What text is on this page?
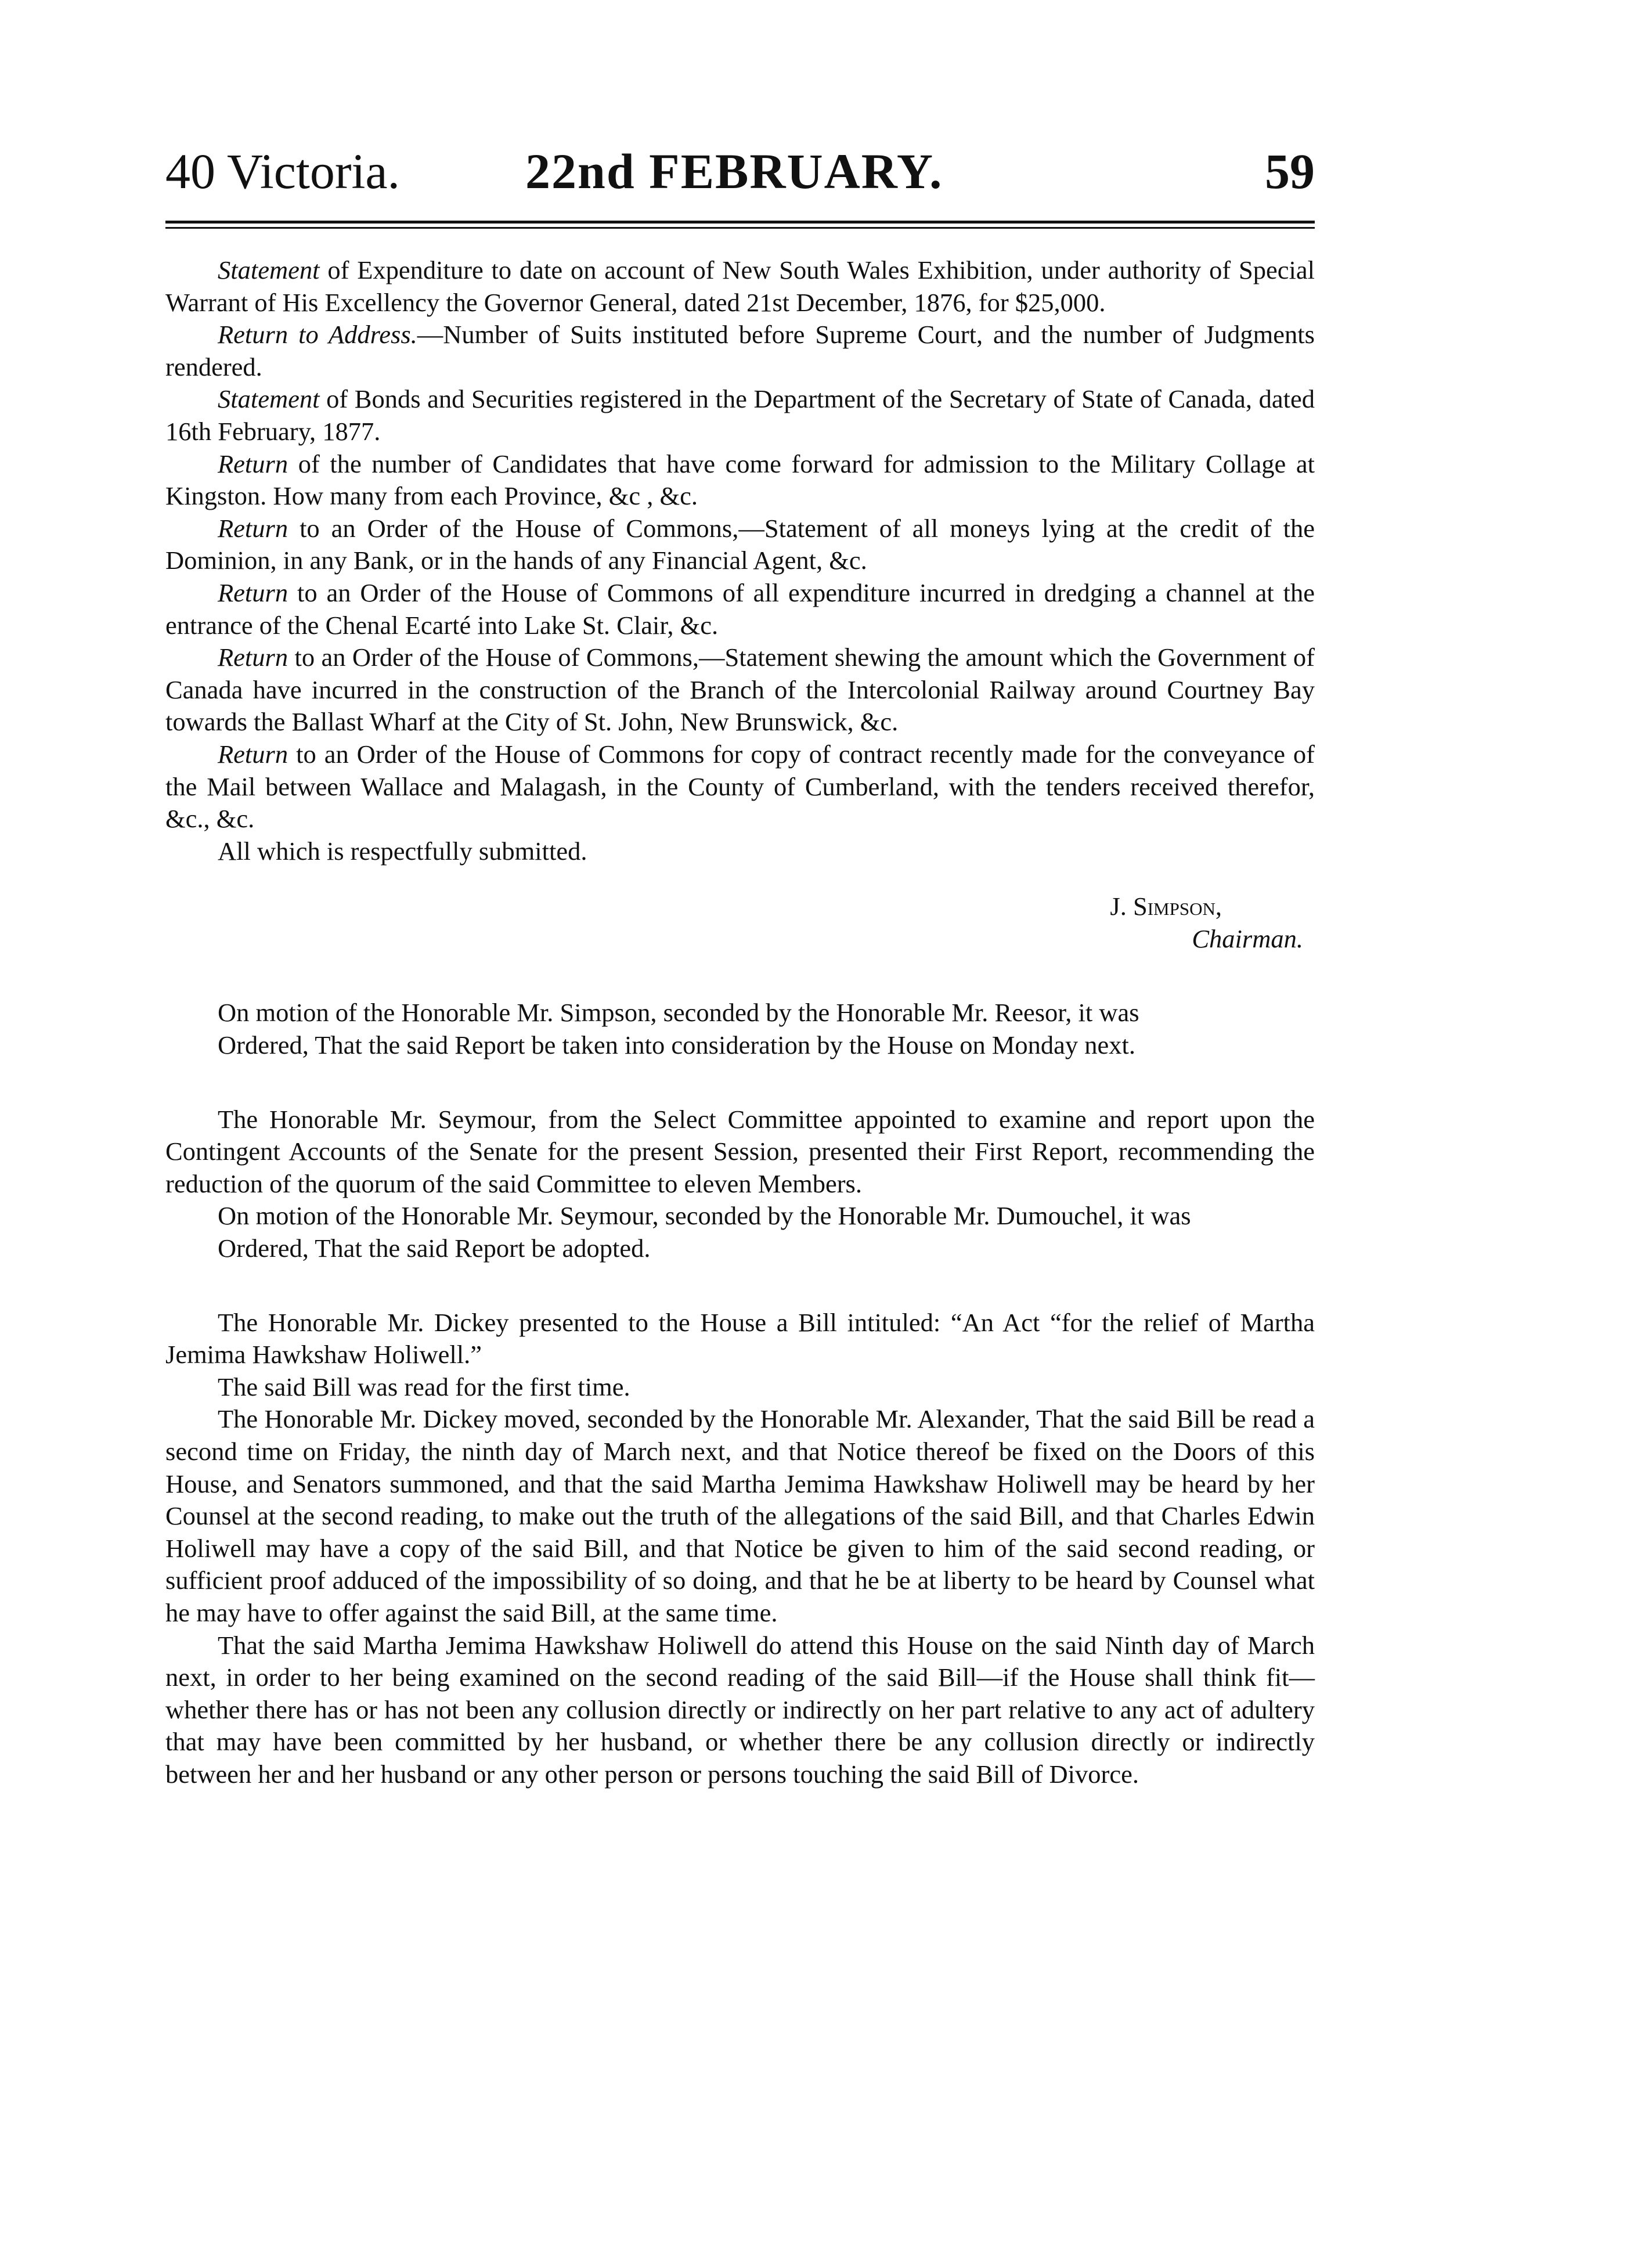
40 Victoria.	22nd FEBRUARY.	59

Statement of Expenditure to date on account of New South Wales Exhibition, under authority of Special Warrant of His Excellency the Governor General, dated 21st December, 1876, for $25,000.

Return to Address.—Number of Suits instituted before Supreme Court, and the number of Judgments rendered.

Statement of Bonds and Securities registered in the Department of the Secretary of State of Canada, dated 16th February, 1877.

Return of the number of Candidates that have come forward for admission to the Military Collage at Kingston. How many from each Province, &c , &c.

Return to an Order of the House of Commons,—Statement of all moneys lying at the credit of the Dominion, in any Bank, or in the hands of any Financial Agent, &c.

Return to an Order of the House of Commons of all expenditure incurred in dredging a channel at the entrance of the Chenal Ecarté into Lake St. Clair, &c.

Return to an Order of the House of Commons,—Statement shewing the amount which the Government of Canada have incurred in the construction of the Branch of the Intercolonial Railway around Courtney Bay towards the Ballast Wharf at the City of St. John, New Brunswick, &c.

Return to an Order of the House of Commons for copy of contract recently made for the conveyance of the Mail between Wallace and Malagash, in the County of Cumberland, with the tenders received therefor, &c., &c.

All which is respectfully submitted.

J. Simpson,
Chairman.

On motion of the Honorable Mr. Simpson, seconded by the Honorable Mr. Reesor, it was

Ordered, That the said Report be taken into consideration by the House on Monday next.

The Honorable Mr. Seymour, from the Select Committee appointed to examine and report upon the Contingent Accounts of the Senate for the present Session, presented their First Report, recommending the reduction of the quorum of the said Committee to eleven Members.

On motion of the Honorable Mr. Seymour, seconded by the Honorable Mr. Dumouchel, it was

Ordered, That the said Report be adopted.

The Honorable Mr. Dickey presented to the House a Bill intituled: “An Act “for the relief of Martha Jemima Hawkshaw Holiwell.”

The said Bill was read for the first time.

The Honorable Mr. Dickey moved, seconded by the Honorable Mr. Alexander, That the said Bill be read a second time on Friday, the ninth day of March next, and that Notice thereof be fixed on the Doors of this House, and Senators summoned, and that the said Martha Jemima Hawkshaw Holiwell may be heard by her Counsel at the second reading, to make out the truth of the allegations of the said Bill, and that Charles Edwin Holiwell may have a copy of the said Bill, and that Notice be given to him of the said second reading, or sufficient proof adduced of the impossibility of so doing, and that he be at liberty to be heard by Counsel what he may have to offer against the said Bill, at the same time.

That the said Martha Jemima Hawkshaw Holiwell do attend this House on the said Ninth day of March next, in order to her being examined on the second reading of the said Bill—if the House shall think fit—whether there has or has not been any collusion directly or indirectly on her part relative to any act of adultery that may have been committed by her husband, or whether there be any collusion directly or indirectly between her and her husband or any other person or persons touching the said Bill of Divorce.
